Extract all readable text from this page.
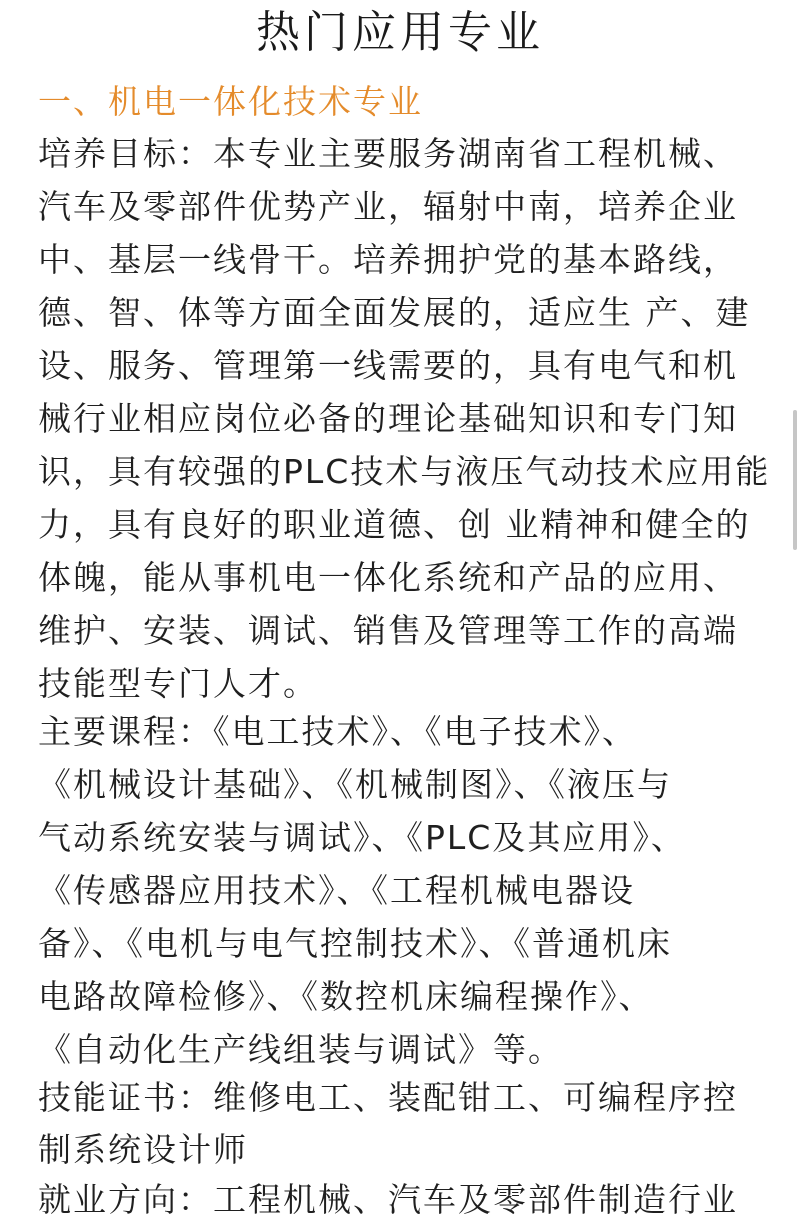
热门应用专业
一、机电一体化技术专业
培养目标：本专业主要服务湖南省工程机械、
汽车及零部件优势产业，辐射中南，培养企业
中、基层一线骨干。培养拥护党的基本路线，
德、智、体等方面全面发展的，适应生 产、建
设、服务、管理第一线需要的，具有电气和机
械行业相应岗位必备的理论基础知识和专门知
识，具有较强的PLC技术与液压气动技术应用能
力，具有良好的职业道德、创 业精神和健全的
体魄，能从事机电一体化系统和产品的应用、
维护、安装、调试、销售及管理等工作的高端
技能型专门人才。
主要课程：《电工技术》、《电子技术》、
《机械设计基础》、《机械制图》、《液压与
气动系统安装与调试》、《PLC及其应用》、
《传感器应用技术》、《工程机械电器设
备》、《电机与电气控制技术》、《普通机床
电路故障检修》、《数控机床编程操作》、
《自动化生产线组装与调试》等。
技能证书：维修电工、装配钳工、可编程序控
制系统设计师
就业方向：工程机械、汽车及零部件制造行业
